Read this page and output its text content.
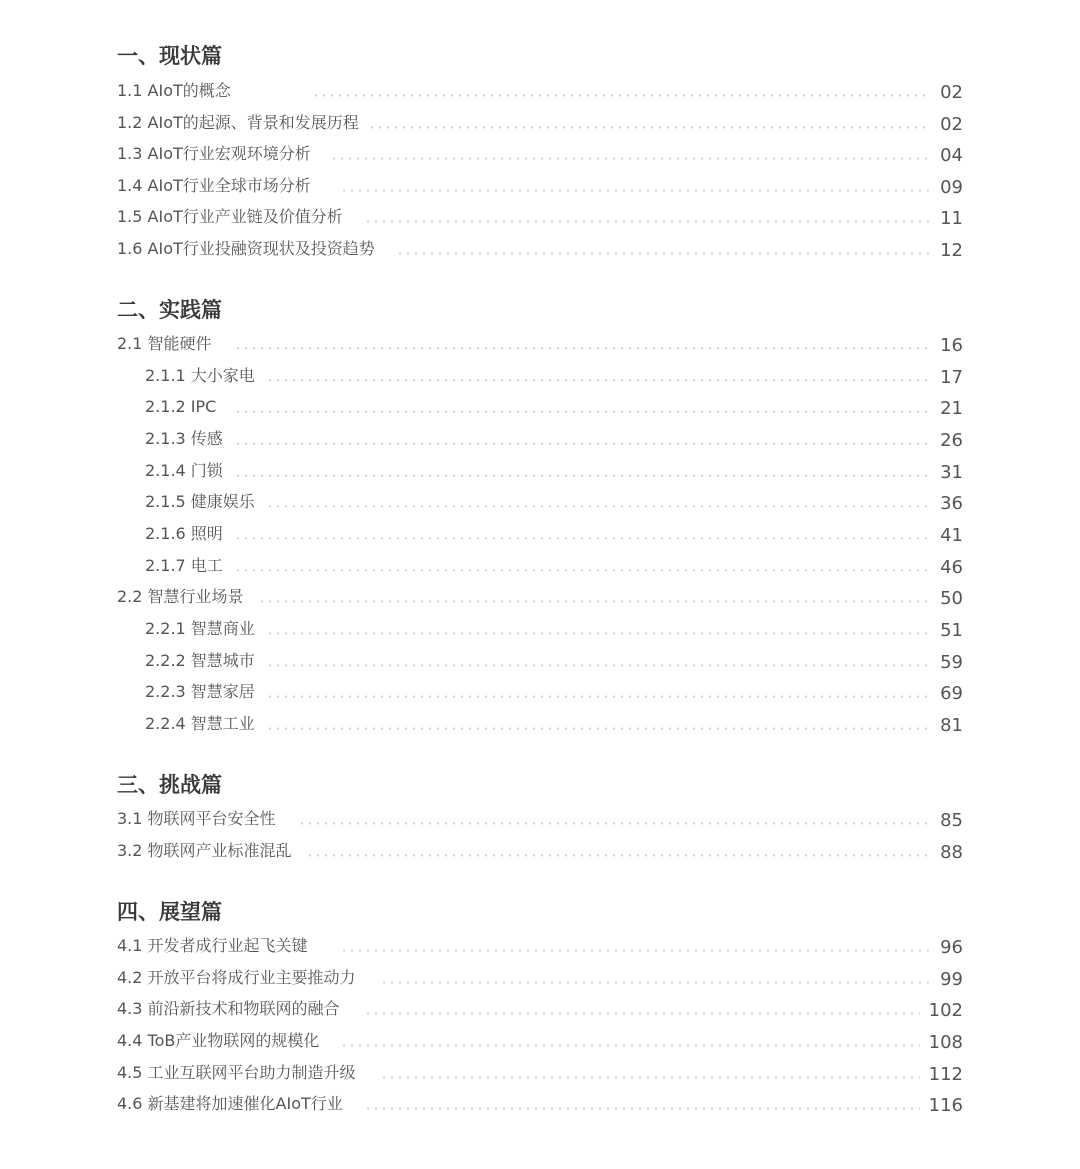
一、现状篇
1.1 AIoT的概念	02
1.2 AIoT的起源、背景和发展历程	02
1.3 AIoT行业宏观环境分析	04
1.4 AIoT行业全球市场分析	09
1.5 AIoT行业产业链及价值分析	11
1.6 AIoT行业投融资现状及投资趋势	12
二、实践篇
2.1 智能硬件	16
2.1.1 大小家电	17
2.1.2 IPC	21
2.1.3 传感	26
2.1.4 门锁	31
2.1.5 健康娱乐	36
2.1.6 照明	41
2.1.7 电工	46
2.2 智慧行业场景	50
2.2.1 智慧商业	51
2.2.2 智慧城市	59
2.2.3 智慧家居	69
2.2.4 智慧工业	81
三、挑战篇
3.1 物联网平台安全性	85
3.2 物联网产业标准混乱	88
四、展望篇
4.1 开发者成行业起飞关键	96
4.2 开放平台将成行业主要推动力	99
4.3 前沿新技术和物联网的融合	102
4.4 ToB产业物联网的规模化	108
4.5 工业互联网平台助力制造升级	112
4.6 新基建将加速催化AIoT行业	116
